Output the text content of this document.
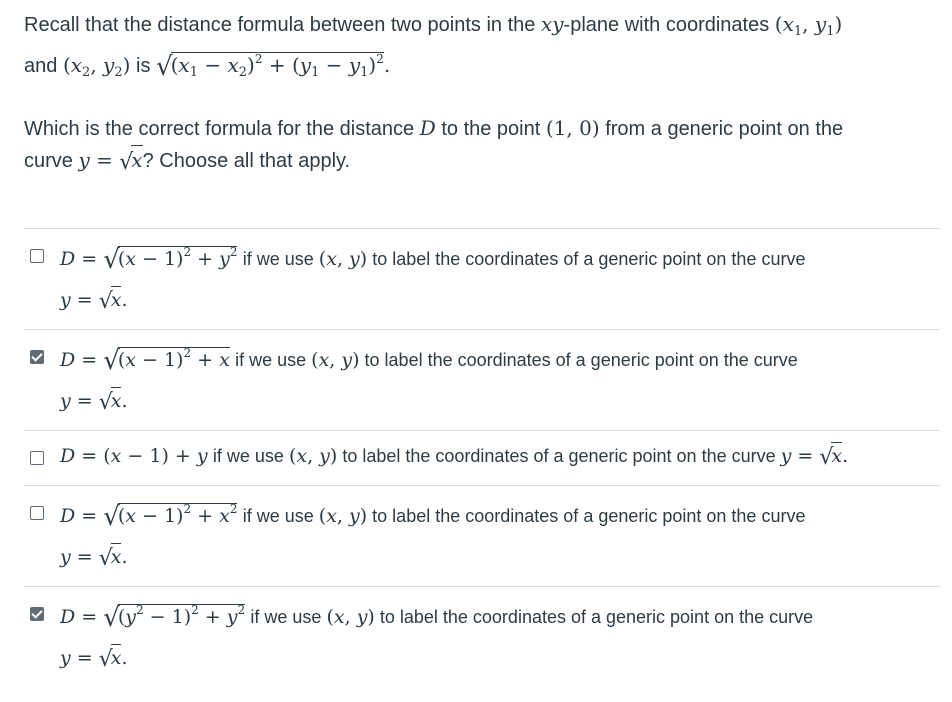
Recall that the distance formula between two points in the xy-plane with coordinates ($x_1$, $y_1$)
and ($x_2$, $y_2$) is $√(x_1 - x_2)^2 + (y_1 - y_1)^2$.
Which is the correct formula for the distance D to the point (1, 0) from a generic point on the
curve y = √x? Choose all that apply.
$D = √(x - 1)^2 + y^2$ if we use (x, y) to label the coordinates of a generic point on the curve
y = √x.
$D = √(x - 1)^2 + x$ if we use (x, y) to label the coordinates of a generic point on the curve
y = √x.
D = (x − 1) + y if we use (x, y) to label the coordinates of a generic point on the curve y = √x.
$D = √(x - 1)^2 + x^2$ if we use (x, y) to label the coordinates of a generic point on the curve
y = √x.
$D = √(y^2 - 1)^2 + y^2$ if we use (x, y) to label the coordinates of a generic point on the curve
y = √x.
